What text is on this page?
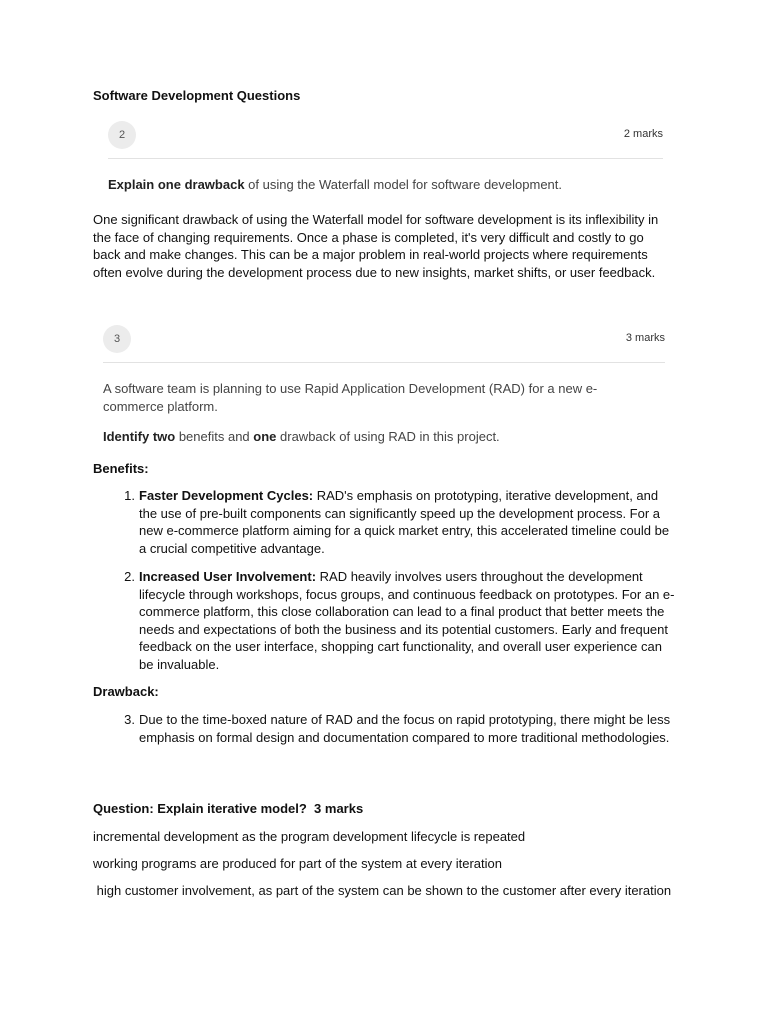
Software Development Questions
2	2 marks
Explain one drawback of using the Waterfall model for software development.
One significant drawback of using the Waterfall model for software development is its inflexibility in the face of changing requirements. Once a phase is completed, it's very difficult and costly to go back and make changes. This can be a major problem in real-world projects where requirements often evolve during the development process due to new insights, market shifts, or user feedback.
3	3 marks
A software team is planning to use Rapid Application Development (RAD) for a new e-commerce platform.
Identify two benefits and one drawback of using RAD in this project.
Benefits:
1. Faster Development Cycles: RAD's emphasis on prototyping, iterative development, and the use of pre-built components can significantly speed up the development process. For a new e-commerce platform aiming for a quick market entry, this accelerated timeline could be a crucial competitive advantage.
2. Increased User Involvement: RAD heavily involves users throughout the development lifecycle through workshops, focus groups, and continuous feedback on prototypes. For an e-commerce platform, this close collaboration can lead to a final product that better meets the needs and expectations of both the business and its potential customers. Early and frequent feedback on the user interface, shopping cart functionality, and overall user experience can be invaluable.
Drawback:
3. Due to the time-boxed nature of RAD and the focus on rapid prototyping, there might be less emphasis on formal design and documentation compared to more traditional methodologies.
Question: Explain iterative model?  3 marks
incremental development as the program development lifecycle is repeated
working programs are produced for part of the system at every iteration
high customer involvement, as part of the system can be shown to the customer after every iteration
